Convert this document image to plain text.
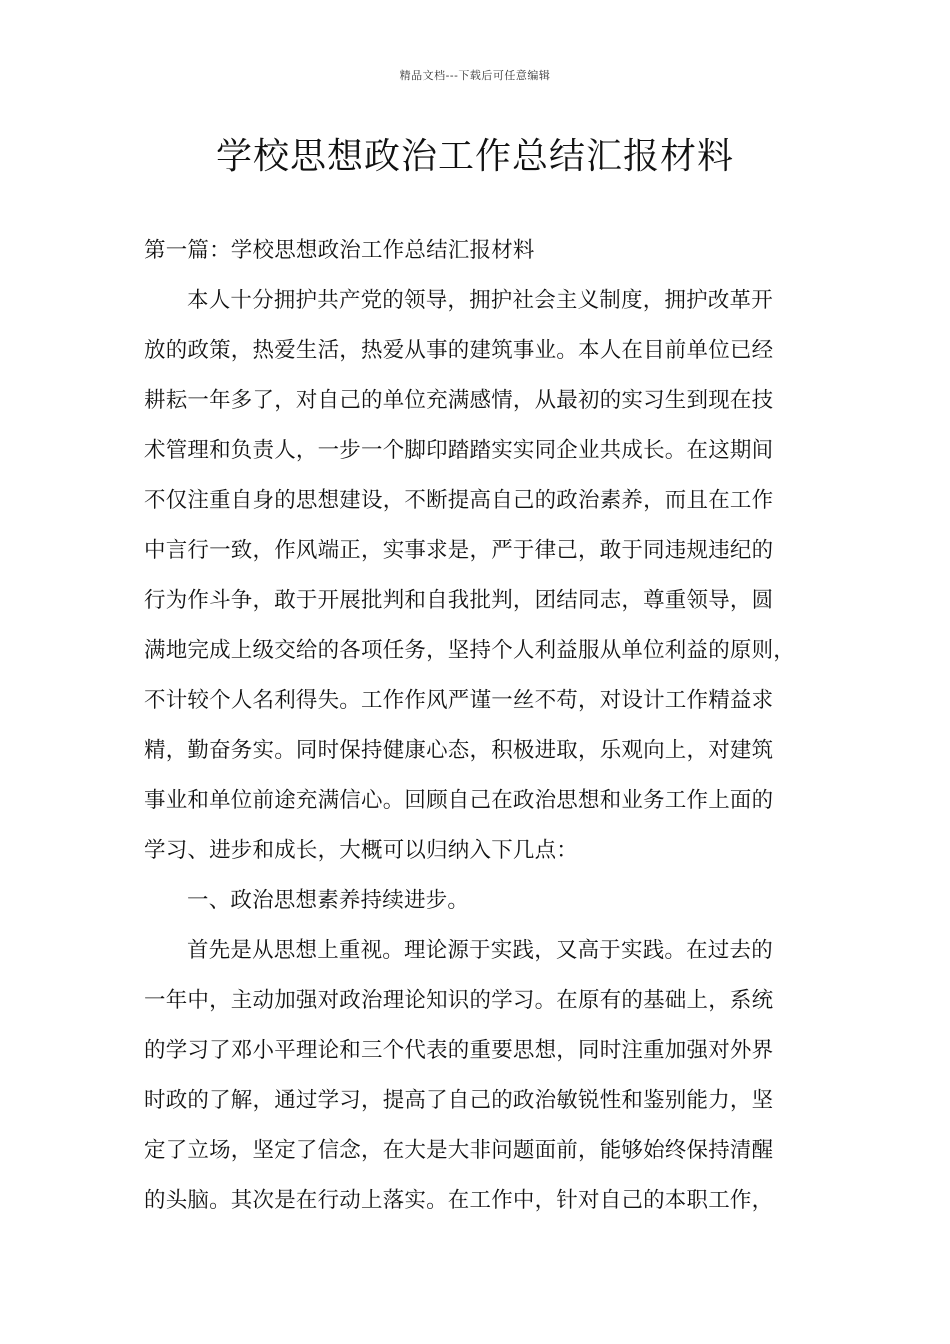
精品文档---下载后可任意编辑
学校思想政治工作总结汇报材料
第一篇：学校思想政治工作总结汇报材料
本人十分拥护共产党的领导，拥护社会主义制度，拥护改革开
放的政策，热爱生活，热爱从事的建筑事业。本人在目前单位已经
耕耘一年多了，对自己的单位充满感情，从最初的实习生到现在技
术管理和负责人，一步一个脚印踏踏实实同企业共成长。在这期间
不仅注重自身的思想建设，不断提高自己的政治素养，而且在工作
中言行一致，作风端正，实事求是，严于律己，敢于同违规违纪的
行为作斗争，敢于开展批判和自我批判，团结同志，尊重领导，圆
满地完成上级交给的各项任务，坚持个人利益服从单位利益的原则，
不计较个人名利得失。工作作风严谨一丝不苟，对设计工作精益求
精，勤奋务实。同时保持健康心态，积极进取，乐观向上，对建筑
事业和单位前途充满信心。回顾自己在政治思想和业务工作上面的
学习、进步和成长，大概可以归纳入下几点：
一、政治思想素养持续进步。
首先是从思想上重视。理论源于实践，又高于实践。在过去的
一年中，主动加强对政治理论知识的学习。在原有的基础上，系统
的学习了邓小平理论和三个代表的重要思想，同时注重加强对外界
时政的了解，通过学习，提高了自己的政治敏锐性和鉴别能力，坚
定了立场，坚定了信念，在大是大非问题面前，能够始终保持清醒
的头脑。其次是在行动上落实。在工作中，针对自己的本职工作，
